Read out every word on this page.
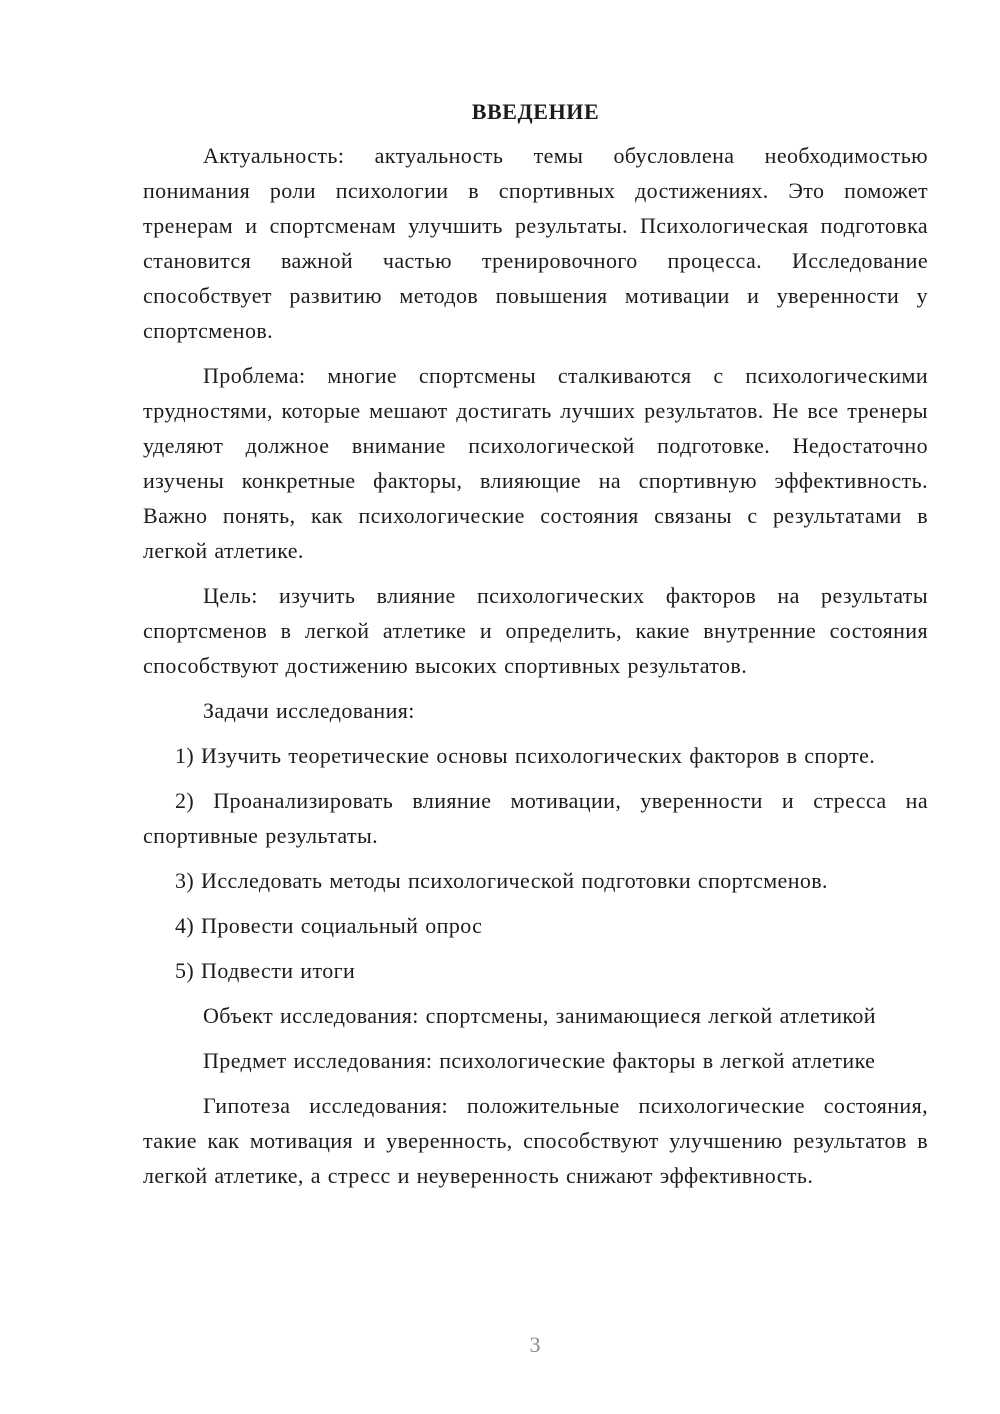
ВВЕДЕНИЕ

Актуальность: актуальность темы обусловлена необходимостью понимания роли психологии в спортивных достижениях. Это поможет тренерам и спортсменам улучшить результаты. Психологическая подготовка становится важной частью тренировочного процесса. Исследование способствует развитию методов повышения мотивации и уверенности у спортсменов.

Проблема: многие спортсмены сталкиваются с психологическими трудностями, которые мешают достигать лучших результатов. Не все тренеры уделяют должное внимание психологической подготовке. Недостаточно изучены конкретные факторы, влияющие на спортивную эффективность. Важно понять, как психологические состояния связаны с результатами в легкой атлетике.

Цель: изучить влияние психологических факторов на результаты спортсменов в легкой атлетике и определить, какие внутренние состояния способствуют достижению высоких спортивных результатов.

Задачи исследования:

1) Изучить теоретические основы психологических факторов в спорте.

2) Проанализировать влияние мотивации, уверенности и стресса на спортивные результаты.

3) Исследовать методы психологической подготовки спортсменов.

4) Провести социальный опрос

5) Подвести итоги

Объект исследования: спортсмены, занимающиеся легкой атлетикой

Предмет исследования: психологические факторы в легкой атлетике

Гипотеза исследования: положительные психологические состояния, такие как мотивация и уверенность, способствуют улучшению результатов в легкой атлетике, а стресс и неуверенность снижают эффективность.

3
